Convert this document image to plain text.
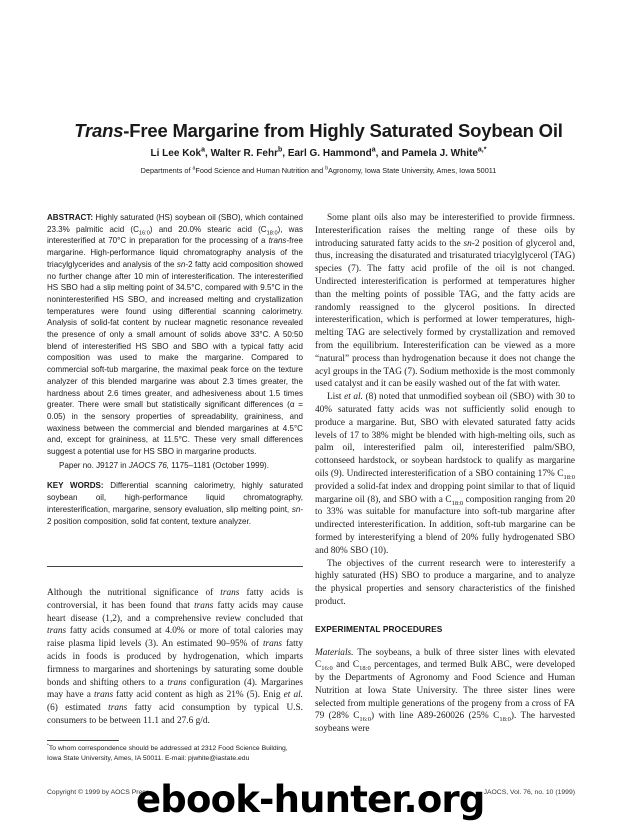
Trans-Free Margarine from Highly Saturated Soybean Oil
Li Lee Kok$^a$, Walter R. Fehr$^b$, Earl G. Hammond$^a$, and Pamela J. White$^{a,*}$
Departments of $^a$Food Science and Human Nutrition and $^b$Agronomy, Iowa State University, Ames, Iowa 50011

ABSTRACT: Highly saturated (HS) soybean oil (SBO), which contained 23.3% palmitic acid $(C_{16:0})$ and 20.0% stearic acid $(C_{18:0})$, was interesterified at 70°C in preparation for the processing of a trans-free margarine. High-performance liquid chromatography analysis of the triacylglycerides and analysis of the sn-2 fatty acid composition showed no further change after 10 min of interesterification. The interesterified HS SBO had a slip melting point of 34.5°C, compared with 9.5°C in the noninteresterified HS SBO, and increased melting and crystallization temperatures were found using differential scanning calorimetry. Analysis of solid-fat content by nuclear magnetic resonance revealed the presence of only a small amount of solids above 33°C. A 50:50 blend of interesterified HS SBO and SBO with a typical fatty acid composition was used to make the margarine. Compared to commercial soft-tub margarine, the maximal peak force on the texture analyzer of this blended margarine was about 2.3 times greater, the hardness about 2.6 times greater, and adhesiveness about 1.5 times greater. There were small but statistically significant differences (α = 0.05) in the sensory properties of spreadability, graininess, and waxiness between the commercial and blended margarines at 4.5°C and, except for graininess, at 11.5°C. These very small differences suggest a potential use for HS SBO in margarine products.

Paper no. J9127 in JAOCS 76, 1175–1181 (October 1999).

KEY WORDS: Differential scanning calorimetry, highly saturated soybean oil, high-performance liquid chromatography, interesterification, margarine, sensory evaluation, slip melting point, sn-2 position composition, solid fat content, texture analyzer.

Although the nutritional significance of trans fatty acids is controversial, it has been found that trans fatty acids may cause heart disease (1,2), and a comprehensive review concluded that trans fatty acids consumed at 4.0% or more of total calories may raise plasma lipid levels (3). An estimated 90–95% of trans fatty acids in foods is produced by hydrogenation, which imparts firmness to margarines and shortenings by saturating some double bonds and shifting others to a trans configuration (4). Margarines may have a trans fatty acid content as high as 21% (5). Enig et al. (6) estimated trans fatty acid consumption by typical U.S. consumers to be between 11.1 and 27.6 g/d.

*To whom correspondence should be addressed at 2312 Food Science Building, Iowa State University, Ames, IA 50011. E-mail: pjwhite@iastate.edu

Some plant oils also may be interesterified to provide firmness. Interesterification raises the melting range of these oils by introducing saturated fatty acids to the sn-2 position of glycerol and, thus, increasing the disaturated and trisaturated triacylglycerol (TAG) species (7). The fatty acid profile of the oil is not changed. Undirected interesterification is performed at temperatures higher than the melting points of possible TAG, and the fatty acids are randomly reassigned to the glycerol positions. In directed interesterification, which is performed at lower temperatures, high-melting TAG are selectively formed by crystallization and removed from the equilibrium. Interesterification can be viewed as a more “natural” process than hydrogenation because it does not change the acyl groups in the TAG (7). Sodium methoxide is the most commonly used catalyst and it can be easily washed out of the fat with water.

List et al. (8) noted that unmodified soybean oil (SBO) with 30 to 40% saturated fatty acids was not sufficiently solid enough to produce a margarine. But, SBO with elevated saturated fatty acids levels of 17 to 38% might be blended with high-melting oils, such as palm oil, interesterified palm oil, interesterified palm/SBO, cottonseed hardstock, or soybean hardstock to qualify as margarine oils (9). Undirected interesterification of a SBO containing 17% $C_{18:0}$ provided a solid-fat index and dropping point similar to that of liquid margarine oil (8), and SBO with a $C_{18:0}$ composition ranging from 20 to 33% was suitable for manufacture into soft-tub margarine after undirected interesterification. In addition, soft-tub margarine can be formed by interesterifying a blend of 20% fully hydrogenated SBO and 80% SBO (10).

The objectives of the current research were to interesterify a highly saturated (HS) SBO to produce a margarine, and to analyze the physical properties and sensory characteristics of the finished product.

EXPERIMENTAL PROCEDURES

Materials. The soybeans, a bulk of three sister lines with elevated $C_{16:0}$ and $C_{18:0}$ percentages, and termed Bulk ABC, were developed by the Departments of Agronomy and Food Science and Human Nutrition at Iowa State University. The three sister lines were selected from multiple generations of the progeny from a cross of FA 79 (28% $C_{16:0}$) with line A89-260026 (25% $C_{18:0}$). The harvested soybeans were

Copyright © 1999 by AOCS Press	JAOCS, Vol. 76, no. 10 (1999)
ebook-hunter.org
